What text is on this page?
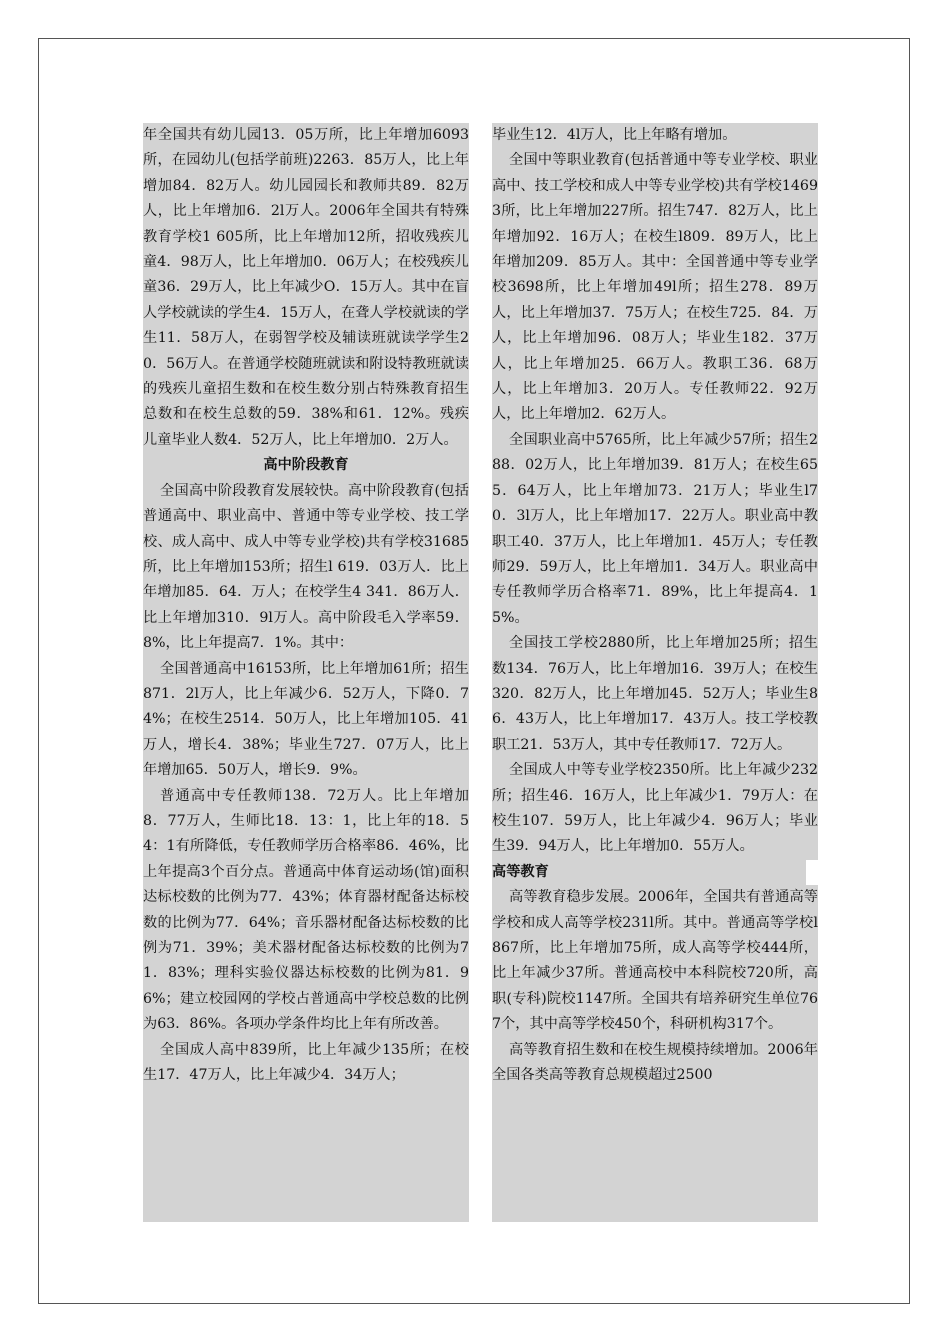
年全国共有幼儿园13．05万所，比上年增加6093所，在园幼儿(包括学前班)2263．85万人，比上年增加84．82万人。幼儿园园长和教师共89．82万人，比上年增加6．2l万人。2006年全国共有特殊教育学校1 605所，比上年增加12所，招收残疾儿童4．98万人，比上年增加0．06万人；在校残疾儿童36．29万人，比上年减少O．15万人。其中在盲人学校就读的学生4．15万人，在聋人学校就读的学生11．58万人，在弱智学校及辅读班就读学学生20．56万人。在普通学校随班就读和附设特教班就读的残疾儿童招生数和在校生数分别占特殊教育招生总数和在校生总数的59．38%和61．12%。残疾儿童毕业人数4．52万人，比上年增加0．2万人。

高中阶段教育

全国高中阶段教育发展较快。高中阶段教育(包括普通高中、职业高中、普通中等专业学校、技工学校、成人高中、成人中等专业学校)共有学校31685所，比上年增加153所；招生l 619．03万人．比上年增加85．64．万人；在校学生4 341．86万人．比上年增加310．9l万人。高中阶段毛入学率59．8%，比上年提高7．1%。其中：

全国普通高中16153所，比上年增加61所；招生871．2l万人，比上年减少6．52万人，下降0．74%；在校生2514．50万人，比上年增加105．41万人，增长4．38%；毕业生727．07万人，比上年增加65．50万人，增长9．9%。

普通高中专任教师138．72万人。比上年增加8．77万人，生师比18．13：1，比上年的18．54：1有所降低，专任教师学历合格率86．46%，比上年提高3个百分点。普通高中体育运动场(馆)面积达标校数的比例为77．43%；体育器材配备达标校数的比例为77．64%；音乐器材配备达标校数的比例为71．39%；美术器材配备达标校数的比例为71．83%；理科实验仪器达标校数的比例为81．96%；建立校园网的学校占普通高中学校总数的比例为63．86%。各项办学条件均比上年有所改善。

全国成人高中839所，比上年减少135所；在校生17．47万人，比上年减少4．34万人；

毕业生12．4l万人，比上年略有增加。

全国中等职业教育(包括普通中等专业学校、职业高中、技工学校和成人中等专业学校)共有学校14693所，比上年增加227所。招生747．82万人，比上年增加92．16万人；在校生l809．89万人，比上年增加209．85万人。其中：全国普通中等专业学校3698所，比上年增加49l所；招生278．89万人，比上年增加37．75万人；在校生725．84．万人，比上年增加96．08万人；毕业生182．37万人，比上年增加25．66万人。教职工36．68万人，比上年增加3．20万人。专任教师22．92万人，比上年增加2．62万人。

全国职业高中5765所，比上年减少57所；招生288．02万人，比上年增加39．81万人；在校生655．64万人，比上年增加73．21万人；毕业生l70．3l万人，比上年增加17．22万人。职业高中教职工40．37万人，比上年增加1．45万人；专任教师29．59万人，比上年增加1．34万人。职业高中专任教师学历合格率71．89%，比上年提高4．15%。

全国技工学校2880所，比上年增加25所；招生数134．76万人，比上年增加16．39万人；在校生320．82万人，比上年增加45．52万人；毕业生86．43万人，比上年增加17．43万人。技工学校教职工21．53万人，其中专任教师17．72万人。

全国成人中等专业学校2350所。比上年减少232所；招生46．16万人，比上年减少1．79万人：在校生107．59万人，比上年减少4．96万人；毕业生39．94万人，比上年增加0．55万人。

高等教育

高等教育稳步发展。2006年，全国共有普通高等学校和成人高等学校231l所。其中。普通高等学校l867所，比上年增加75所，成人高等学校444所，比上年减少37所。普通高校中本科院校720所，高职(专科)院校1147所。全国共有培养研究生单位767个，其中高等学校450个，科研机构317个。

高等教育招生数和在校生规模持续增加。2006年全国各类高等教育总规模超过2500
